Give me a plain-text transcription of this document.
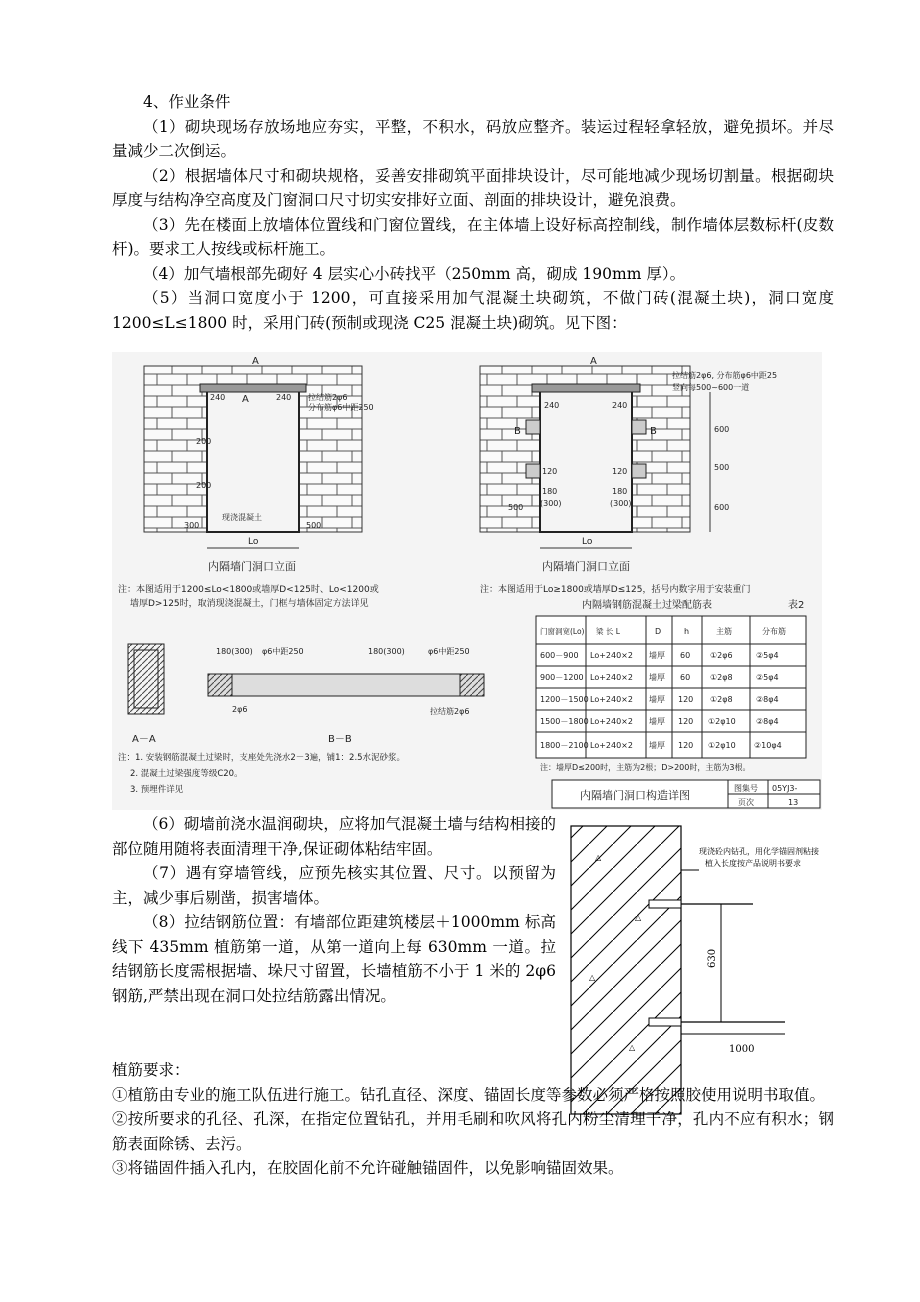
4、作业条件

（1）砌块现场存放场地应夯实，平整，不积水，码放应整齐。装运过程轻拿轻放，避免损坏。并尽量减少二次倒运。

（2）根据墙体尺寸和砌块规格，妥善安排砌筑平面排块设计，尽可能地减少现场切割量。根据砌块厚度与结构净空高度及门窗洞口尺寸切实安排好立面、剖面的排块设计，避免浪费。

（3）先在楼面上放墙体位置线和门窗位置线，在主体墙上设好标高控制线，制作墙体层数标杆(皮数杆)。要求工人按线或标杆施工。

（4）加气墙根部先砌好 4 层实心小砖找平（250mm 高，砌成 190mm 厚）。

（5）当洞口宽度小于 1200，可直接采用加气混凝土块砌筑，不做门砖(混凝土块)，洞口宽度 1200≤L≤1800 时，采用门砖(预制或现浇 C25 混凝土块)砌筑。见下图：

A
A	拉结筋2φ6
分布筋φ6中距250
240	240
200
200
300	500
现浇混凝土
Lo
内隔墙门洞口立面
A
拉结筋2φ6, 分布筋φ6中距25
竖向每500~600一道
240	240
B	B
120	120
180	180
(300)	(300)
500
600
500
600
Lo
内隔墙门洞口立面
注：本图适用于1200≤Lo<1800或墙厚D<125时、Lo<1200或
墙厚D>125时，取消现浇混凝土，门框与墙体固定方法详见
注：本图适用于Lo≥1800或墙厚D≤125，括号内数字用于安装重门
A－A
180(300) φ6中距250	180(300)	φ6中距250
2φ6	拉结筋2φ6
B－B
注：1. 安装钢筋混凝土过梁时，支座处先浇水2－3遍，铺1：2.5水泥砂浆。
2. 混凝土过梁强度等级C20。
3. 预埋件详见
内隔墙钢筋混凝土过梁配筋表	表2
门窗洞宽(Lo) 梁 长 L	D	h	主筋	分布筋
600－900 Lo+240×2 墙厚 60 ①2φ6	②5φ4
900－1200 Lo+240×2 墙厚 60 ①2φ8	②5φ4
1200－1500 Lo+240×2 墙厚 120 ①2φ8	②8φ4
1500－1800 Lo+240×2 墙厚 120 ①2φ10	②8φ4
1800－2100 Lo+240×2 墙厚 120 ①2φ10 ②10φ4
注：墙厚D≤200时，主筋为2根；D>200时，主筋为3根。
内隔墙门洞口构造详图
图集号 05YJ3-
页次	13

（6）砌墙前浇水温润砌块，应将加气混凝土墙与结构相接的部位随用随将表面清理干净,保证砌体粘结牢固。

（7）遇有穿墙管线，应预先核实其位置、尺寸。以预留为主，减少事后剔凿，损害墙体。

（8）拉结钢筋位置：有墙部位距建筑楼层＋1000mm 标高线下 435mm 植筋第一道，从第一道向上每 630mm 一道。拉结钢筋长度需根据墙、垛尺寸留置，长墙植筋不小于 1 米的 2φ6 钢筋,严禁出现在洞口处拉结筋露出情况。

△
△
△
△
630
1000
现浇砼内钻孔，用化学锚固剂粘接
植入长度按产品说明书要求

植筋要求：

①植筋由专业的施工队伍进行施工。钻孔直径、深度、锚固长度等参数必须严格按照胶使用说明书取值。

②按所要求的孔径、孔深，在指定位置钻孔，并用毛刷和吹风将孔内粉尘清理干净，孔内不应有积水；钢筋表面除锈、去污。

③将锚固件插入孔内，在胶固化前不允许碰触锚固件，以免影响锚固效果。
